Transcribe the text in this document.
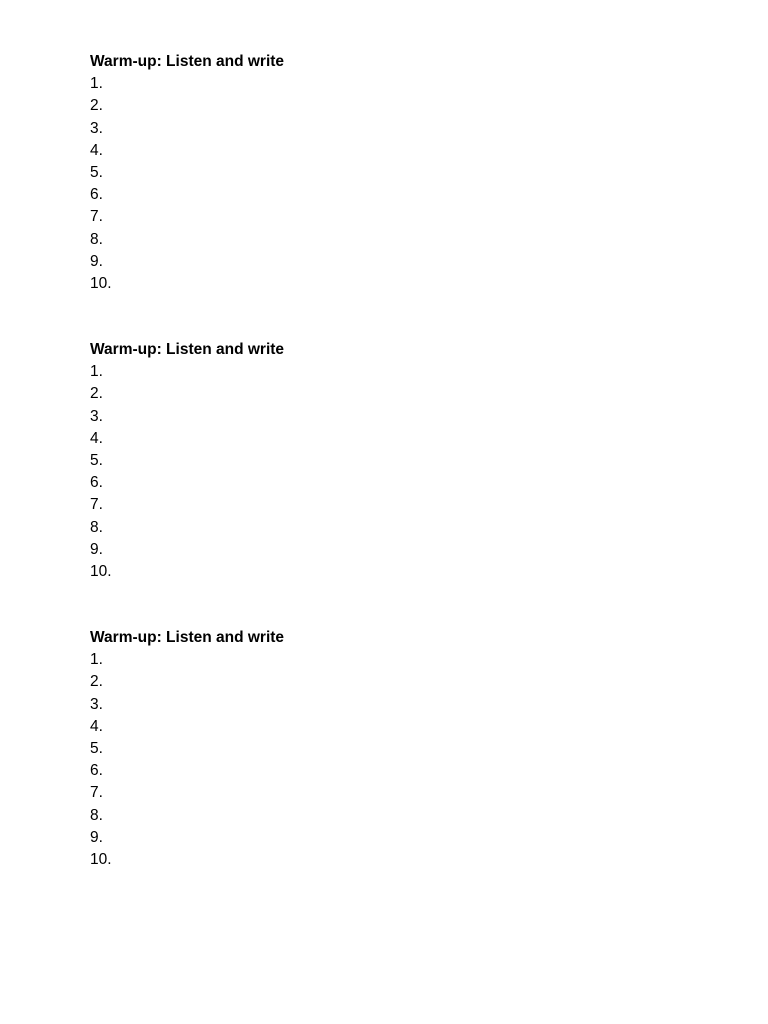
Warm-up: Listen and write
1.
2.
3.
4.
5.
6.
7.
8.
9.
10.
Warm-up: Listen and write
1.
2.
3.
4.
5.
6.
7.
8.
9.
10.
Warm-up: Listen and write
1.
2.
3.
4.
5.
6.
7.
8.
9.
10.
